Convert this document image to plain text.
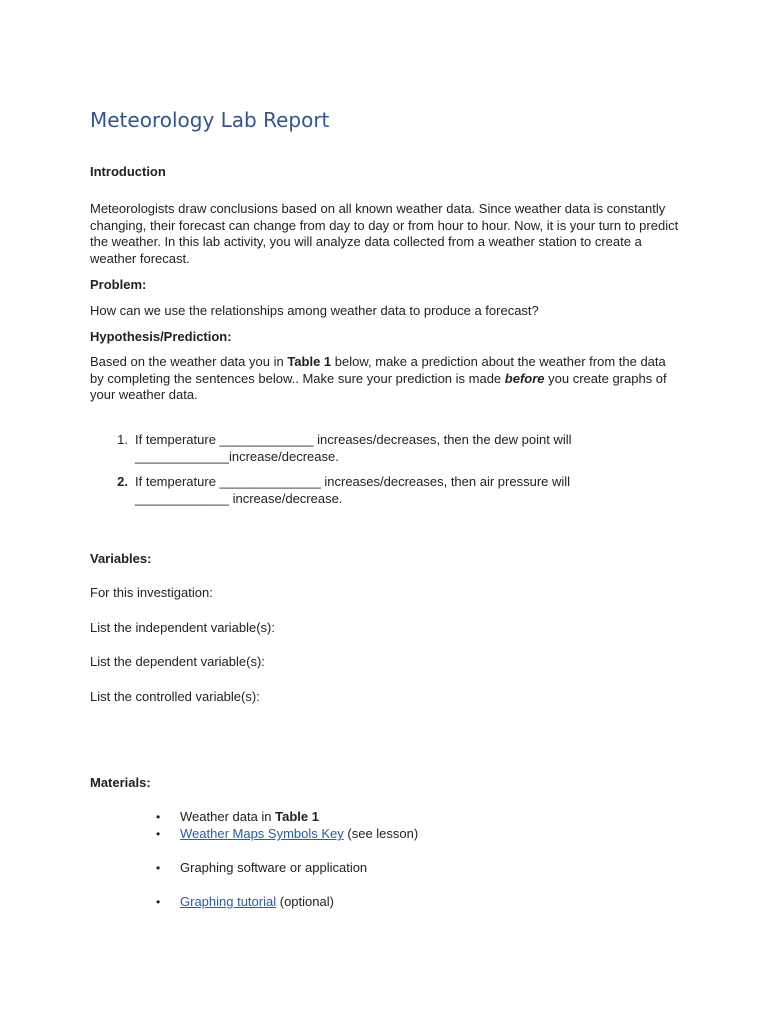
Meteorology Lab Report
Introduction
Meteorologists draw conclusions based on all known weather data. Since weather data is constantly changing, their forecast can change from day to day or from hour to hour. Now, it is your turn to predict the weather. In this lab activity, you will analyze data collected from a weather station to create a weather forecast.
Problem:
How can we use the relationships among weather data to produce a forecast?
Hypothesis/Prediction:
Based on the weather data you in Table 1 below, make a prediction about the weather from the data by completing the sentences below.. Make sure your prediction is made before you create graphs of your weather data.
1. If temperature _____________ increases/decreases, then the dew point will
_____________increase/decrease.
2. If temperature ______________ increases/decreases, then air pressure will
_____________ increase/decrease.
Variables:
For this investigation:
List the independent variable(s):
List the dependent variable(s):
List the controlled variable(s):
Materials:
• Weather data in Table 1
• Weather Maps Symbols Key (see lesson)
• Graphing software or application
• Graphing tutorial (optional)
